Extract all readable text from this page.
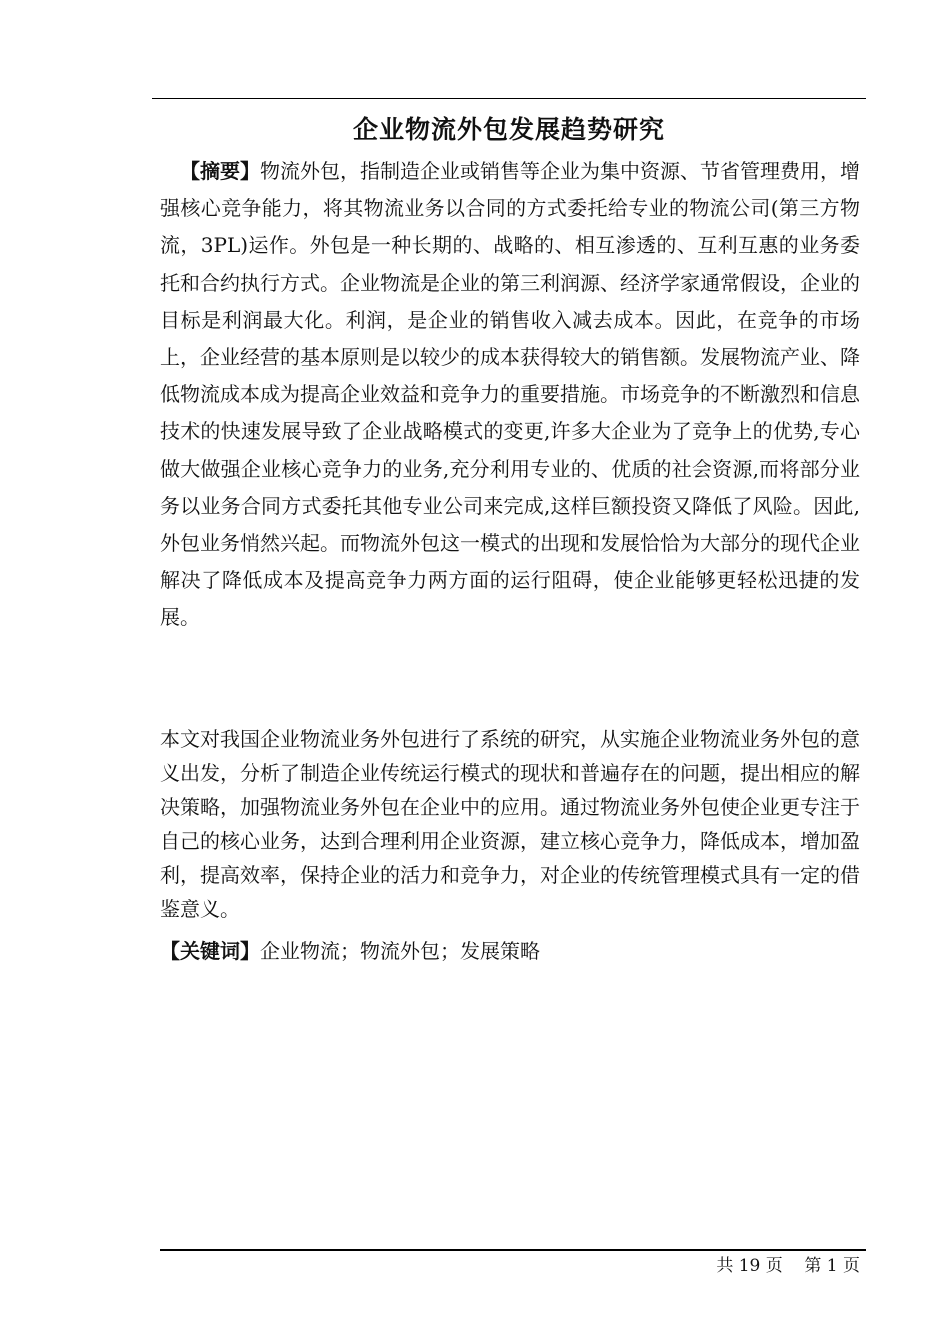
企业物流外包发展趋势研究

【摘要】物流外包，指制造企业或销售等企业为集中资源、节省管理费用，增强核心竞争能力，将其物流业务以合同的方式委托给专业的物流公司(第三方物流，3PL)运作。外包是一种长期的、战略的、相互渗透的、互利互惠的业务委托和合约执行方式。企业物流是企业的第三利润源、经济学家通常假设，企业的目标是利润最大化。利润，是企业的销售收入减去成本。因此，在竞争的市场上，企业经营的基本原则是以较少的成本获得较大的销售额。发展物流产业、降低物流成本成为提高企业效益和竞争力的重要措施。市场竞争的不断激烈和信息技术的快速发展导致了企业战略模式的变更,许多大企业为了竞争上的优势,专心做大做强企业核心竞争力的业务,充分利用专业的、优质的社会资源,而将部分业务以业务合同方式委托其他专业公司来完成,这样巨额投资又降低了风险。因此,外包业务悄然兴起。而物流外包这一模式的出现和发展恰恰为大部分的现代企业解决了降低成本及提高竞争力两方面的运行阻碍，使企业能够更轻松迅捷的发展。

本文对我国企业物流业务外包进行了系统的研究，从实施企业物流业务外包的意义出发，分析了制造企业传统运行模式的现状和普遍存在的问题，提出相应的解决策略，加强物流业务外包在企业中的应用。通过物流业务外包使企业更专注于自己的核心业务，达到合理利用企业资源，建立核心竞争力，降低成本，增加盈利，提高效率，保持企业的活力和竞争力，对企业的传统管理模式具有一定的借鉴意义。

【关键词】企业物流；物流外包；发展策略

共 19 页    第 1 页
